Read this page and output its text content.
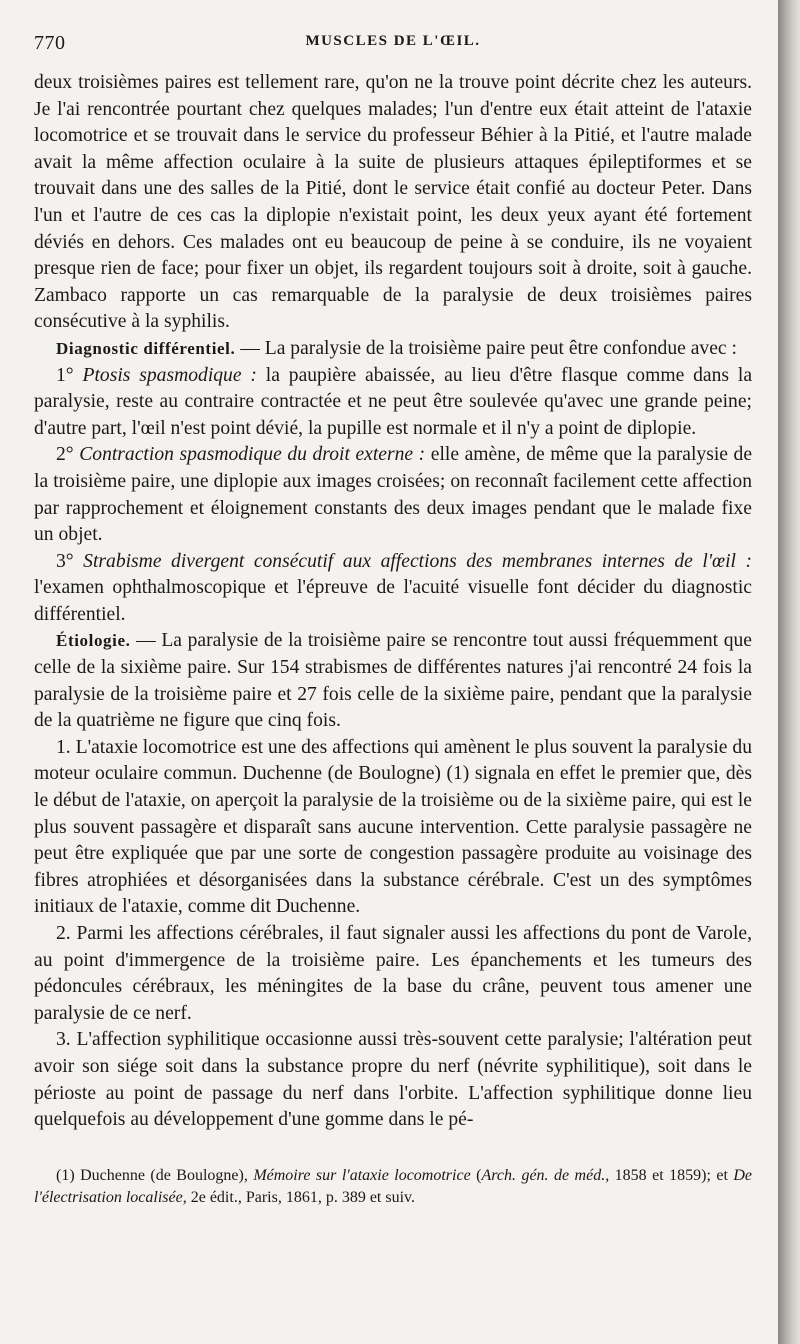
770	MUSCLES DE L'ŒIL.

deux troisièmes paires est tellement rare, qu'on ne la trouve point décrite chez les auteurs. Je l'ai rencontrée pourtant chez quelques malades; l'un d'entre eux était atteint de l'ataxie locomotrice et se trouvait dans le service du professeur Béhier à la Pitié, et l'autre malade avait la même affection oculaire à la suite de plusieurs attaques épileptiformes et se trouvait dans une des salles de la Pitié, dont le service était confié au docteur Peter. Dans l'un et l'autre de ces cas la diplopie n'existait point, les deux yeux ayant été fortement déviés en dehors. Ces malades ont eu beaucoup de peine à se conduire, ils ne voyaient presque rien de face; pour fixer un objet, ils regardent toujours soit à droite, soit à gauche. Zambaco rapporte un cas remarquable de la paralysie de deux troisièmes paires consécutive à la syphilis.

Diagnostic différentiel. — La paralysie de la troisième paire peut être confondue avec :

1° Ptosis spasmodique : la paupière abaissée, au lieu d'être flasque comme dans la paralysie, reste au contraire contractée et ne peut être soulevée qu'avec une grande peine; d'autre part, l'œil n'est point dévié, la pupille est normale et il n'y a point de diplopie.

2° Contraction spasmodique du droit externe : elle amène, de même que la paralysie de la troisième paire, une diplopie aux images croisées; on reconnaît facilement cette affection par rapprochement et éloignement constants des deux images pendant que le malade fixe un objet.

3° Strabisme divergent consécutif aux affections des membranes internes de l'œil : l'examen ophthalmoscopique et l'épreuve de l'acuité visuelle font décider du diagnostic différentiel.

Étiologie. — La paralysie de la troisième paire se rencontre tout aussi fréquemment que celle de la sixième paire. Sur 154 strabismes de différentes natures j'ai rencontré 24 fois la paralysie de la troisième paire et 27 fois celle de la sixième paire, pendant que la paralysie de la quatrième ne figure que cinq fois.

1. L'ataxie locomotrice est une des affections qui amènent le plus souvent la paralysie du moteur oculaire commun. Duchenne (de Boulogne) (1) signala en effet le premier que, dès le début de l'ataxie, on aperçoit la paralysie de la troisième ou de la sixième paire, qui est le plus souvent passagère et disparaît sans aucune intervention. Cette paralysie passagère ne peut être expliquée que par une sorte de congestion passagère produite au voisinage des fibres atrophiées et désorganisées dans la substance cérébrale. C'est un des symptômes initiaux de l'ataxie, comme dit Duchenne.

2. Parmi les affections cérébrales, il faut signaler aussi les affections du pont de Varole, au point d'immergence de la troisième paire. Les épanchements et les tumeurs des pédoncules cérébraux, les méningites de la base du crâne, peuvent tous amener une paralysie de ce nerf.

3. L'affection syphilitique occasionne aussi très-souvent cette paralysie; l'altération peut avoir son siége soit dans la substance propre du nerf (névrite syphilitique), soit dans le périoste au point de passage du nerf dans l'orbite. L'affection syphilitique donne lieu quelquefois au développement d'une gomme dans le pé-

(1) Duchenne (de Boulogne), Mémoire sur l'ataxie locomotrice (Arch. gén. de méd., 1858 et 1859); et De l'électrisation localisée, 2e édit., Paris, 1861, p. 389 et suiv.
